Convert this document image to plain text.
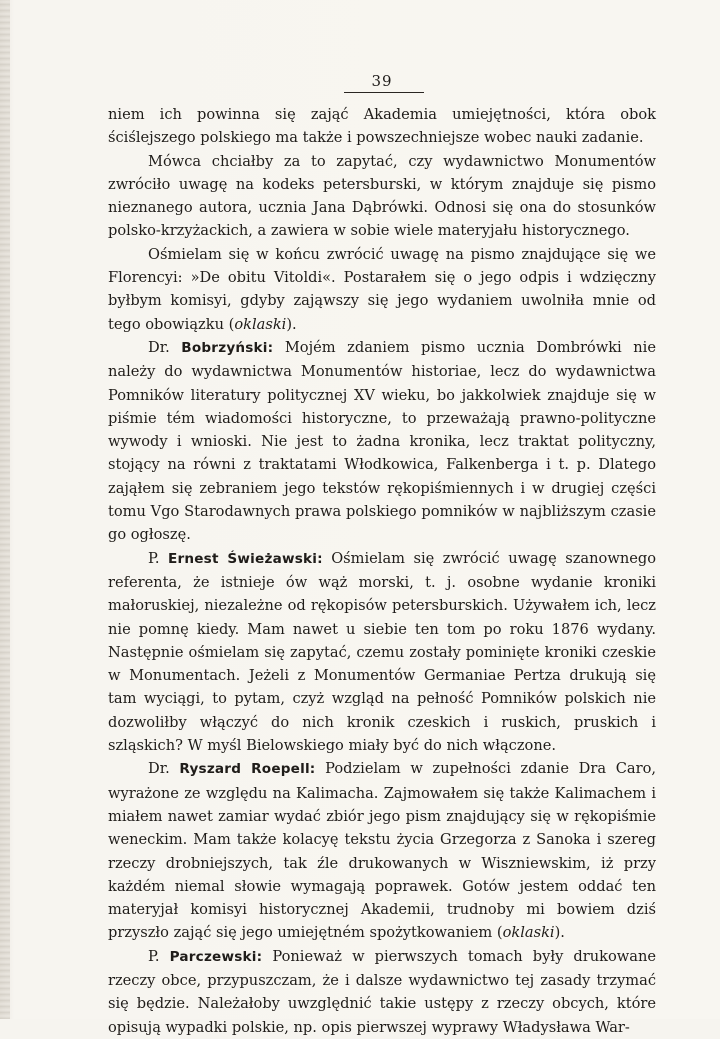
39

niem ich powinna się zająć Akademia umiejętności, która obok ściślejszego polskiego ma także i powszechniejsze wobec nauki zadanie.

Mówca chciałby za to zapytać, czy wydawnictwo Monumentów zwróciło uwagę na kodeks petersburski, w którym znajduje się pismo nieznanego autora, ucznia Jana Dąbrówki. Odnosi się ona do stosunków polsko-krzyżackich, a zawiera w sobie wiele materyjału historycznego.

Ośmielam się w końcu zwrócić uwagę na pismo znajdujące się we Florencyi: »De obitu Vitoldi«. Postarałem się o jego odpis i wdzięczny byłbym komisyi, gdyby zająwszy się jego wydaniem uwolniła mnie od tego obowiązku (oklaski).

Dr. Bobrzyński: Mojém zdaniem pismo ucznia Dombrówki nie należy do wydawnictwa Monumentów historiae, lecz do wydawnictwa Pomników literatury politycznej XV wieku, bo jakkolwiek znajduje się w piśmie tém wiadomości historyczne, to przeważają prawno-polityczne wywody i wnioski. Nie jest to żadna kronika, lecz traktat polityczny, stojący na równi z traktatami Włodkowica, Falkenberga i t. p. Dlatego zająłem się zebraniem jego tekstów rękopiśmiennych i w drugiej części tomu Vgo Starodawnych prawa polskiego pomników w najbliższym czasie go ogłoszę.

P. Ernest Świeżawski: Ośmielam się zwrócić uwagę szanownego referenta, że istnieje ów wąż morski, t. j. osobne wydanie kroniki małoruskiej, niezależne od rękopisów petersburskich. Używałem ich, lecz nie pomnę kiedy. Mam nawet u siebie ten tom po roku 1876 wydany. Następnie ośmielam się zapytać, czemu zostały pominięte kroniki czeskie w Monumentach. Jeżeli z Monumentów Germaniae Pertza drukują się tam wyciągi, to pytam, czyż wzgląd na pełność Pomników polskich nie dozwoliłby włączyć do nich kronik czeskich i ruskich, pruskich i szląskich? W myśl Bielowskiego miały być do nich włączone.

Dr. Ryszard Roepell: Podzielam w zupełności zdanie Dra Caro, wyrażone ze względu na Kalimacha. Zajmowałem się także Kalimachem i miałem nawet zamiar wydać zbiór jego pism znajdujący się w rękopiśmie weneckim. Mam także kolacyę tekstu życia Grzegorza z Sanoka i szereg rzeczy drobniejszych, tak źle drukowanych w Wiszniewskim, iż przy każdém niemal słowie wymagają poprawek. Gotów jestem oddać ten materyjał komisyi historycznej Akademii, trudnoby mi bowiem dziś przyszło zająć się jego umiejętném spożytkowaniem (oklaski).

P. Parczewski: Ponieważ w pierwszych tomach były drukowane rzeczy obce, przypuszczam, że i dalsze wydawnictwo tej zasady trzymać się będzie. Należałoby uwzględnić takie ustępy z rzeczy obcych, które opisują wypadki polskie, np. opis pierwszej wyprawy Władysława War-
